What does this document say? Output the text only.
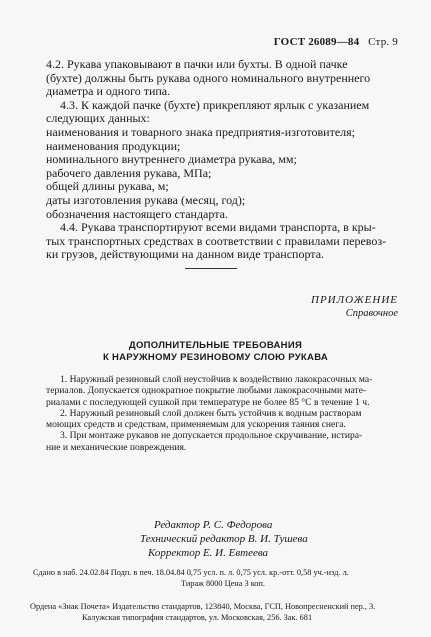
ГОСТ 26089—84 Стр. 9
4.2. Рукава упаковывают в пачки или бухты. В одной пачке
(бухте) должны быть рукава одного номинального внутреннего
диаметра и одного типа.
4.3. К каждой пачке (бухте) прикрепляют ярлык с указанием
следующих данных:
наименования и товарного знака предприятия-изготовителя;
наименования продукции;
номинального внутреннего диаметра рукава, мм;
рабочего давления рукава, МПа;
общей длины рукава, м;
даты изготовления рукава (месяц, год);
обозначения настоящего стандарта.
4.4. Рукава транспортируют всеми видами транспорта, в кры-
тых транспортных средствах в соответствии с правилами перевоз-
ки грузов, действующими на данном виде транспорта.
ПРИЛОЖЕНИЕ
Справочное
ДОПОЛНИТЕЛЬНЫЕ ТРЕБОВАНИЯ
К НАРУЖНОМУ РЕЗИНОВОМУ СЛОЮ РУКАВА
1. Наружный резиновый слой неустойчив к воздействию лакокрасочных ма-
териалов. Допускается однократное покрытие любыми лакокрасочными мате-
риалами с последующей сушкой при температуре не более 85 °С в течение 1 ч.
2. Наружный резиновый слой должен быть устойчив к водным растворам
моющих средств и средствам, применяемым для ускорения таяния снега.
3. При монтаже рукавов не допускается продольное скручивание, истира-
ние и механические повреждения.
Редактор Р. С. Федорова
Технический редактор В. И. Тушева
Корректор Е. И. Евтеева
Сдано в наб. 24.02.84 Подп. в печ. 18.04.84 0,75 усл. п. л. 0,75 усл. кр.-отт. 0,58 уч.-изд. л.
Тираж 8000 Цена 3 коп.
Ордена «Знак Почета» Издательство стандартов, 123840, Москва, ГСП, Новопресненский пер., 3.
Калужская типография стандартов, ул. Московская, 256. Зак. 681
